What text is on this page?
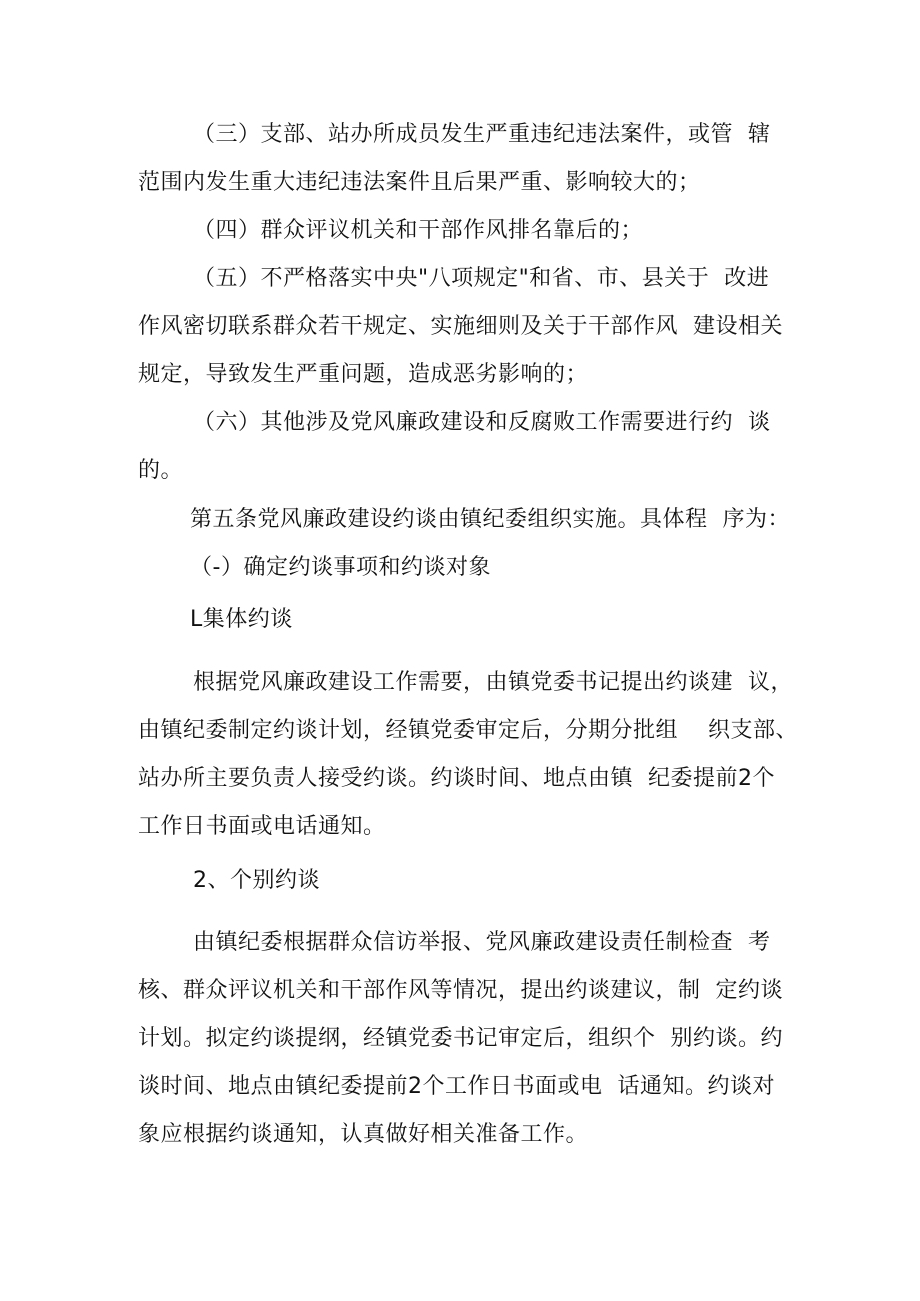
（三）支部、站办所成员发生严重违纪违法案件，或管  辖

范围内发生重大违纪违法案件且后果严重、影响较大的；

（四）群众评议机关和干部作风排名靠后的；

（五）不严格落实中央"八项规定"和省、市、县关于  改进

作风密切联系群众若干规定、实施细则及关于干部作风  建设相关

规定，导致发生严重问题，造成恶劣影响的；

（六）其他涉及党风廉政建设和反腐败工作需要进行约  谈

的。

第五条党风廉政建设约谈由镇纪委组织实施。具体程  序为：

（-）确定约谈事项和约谈对象

L集体约谈

根据党风廉政建设工作需要，由镇党委书记提出约谈建  议，

由镇纪委制定约谈计划，经镇党委审定后，分期分批组    织支部、

站办所主要负责人接受约谈。约谈时间、地点由镇  纪委提前2个

工作日书面或电话通知。

2、个别约谈

由镇纪委根据群众信访举报、党风廉政建设责任制检查  考

核、群众评议机关和干部作风等情况，提出约谈建议，制  定约谈

计划。拟定约谈提纲，经镇党委书记审定后，组织个  别约谈。约

谈时间、地点由镇纪委提前2个工作日书面或电  话通知。约谈对

象应根据约谈通知，认真做好相关准备工作。
